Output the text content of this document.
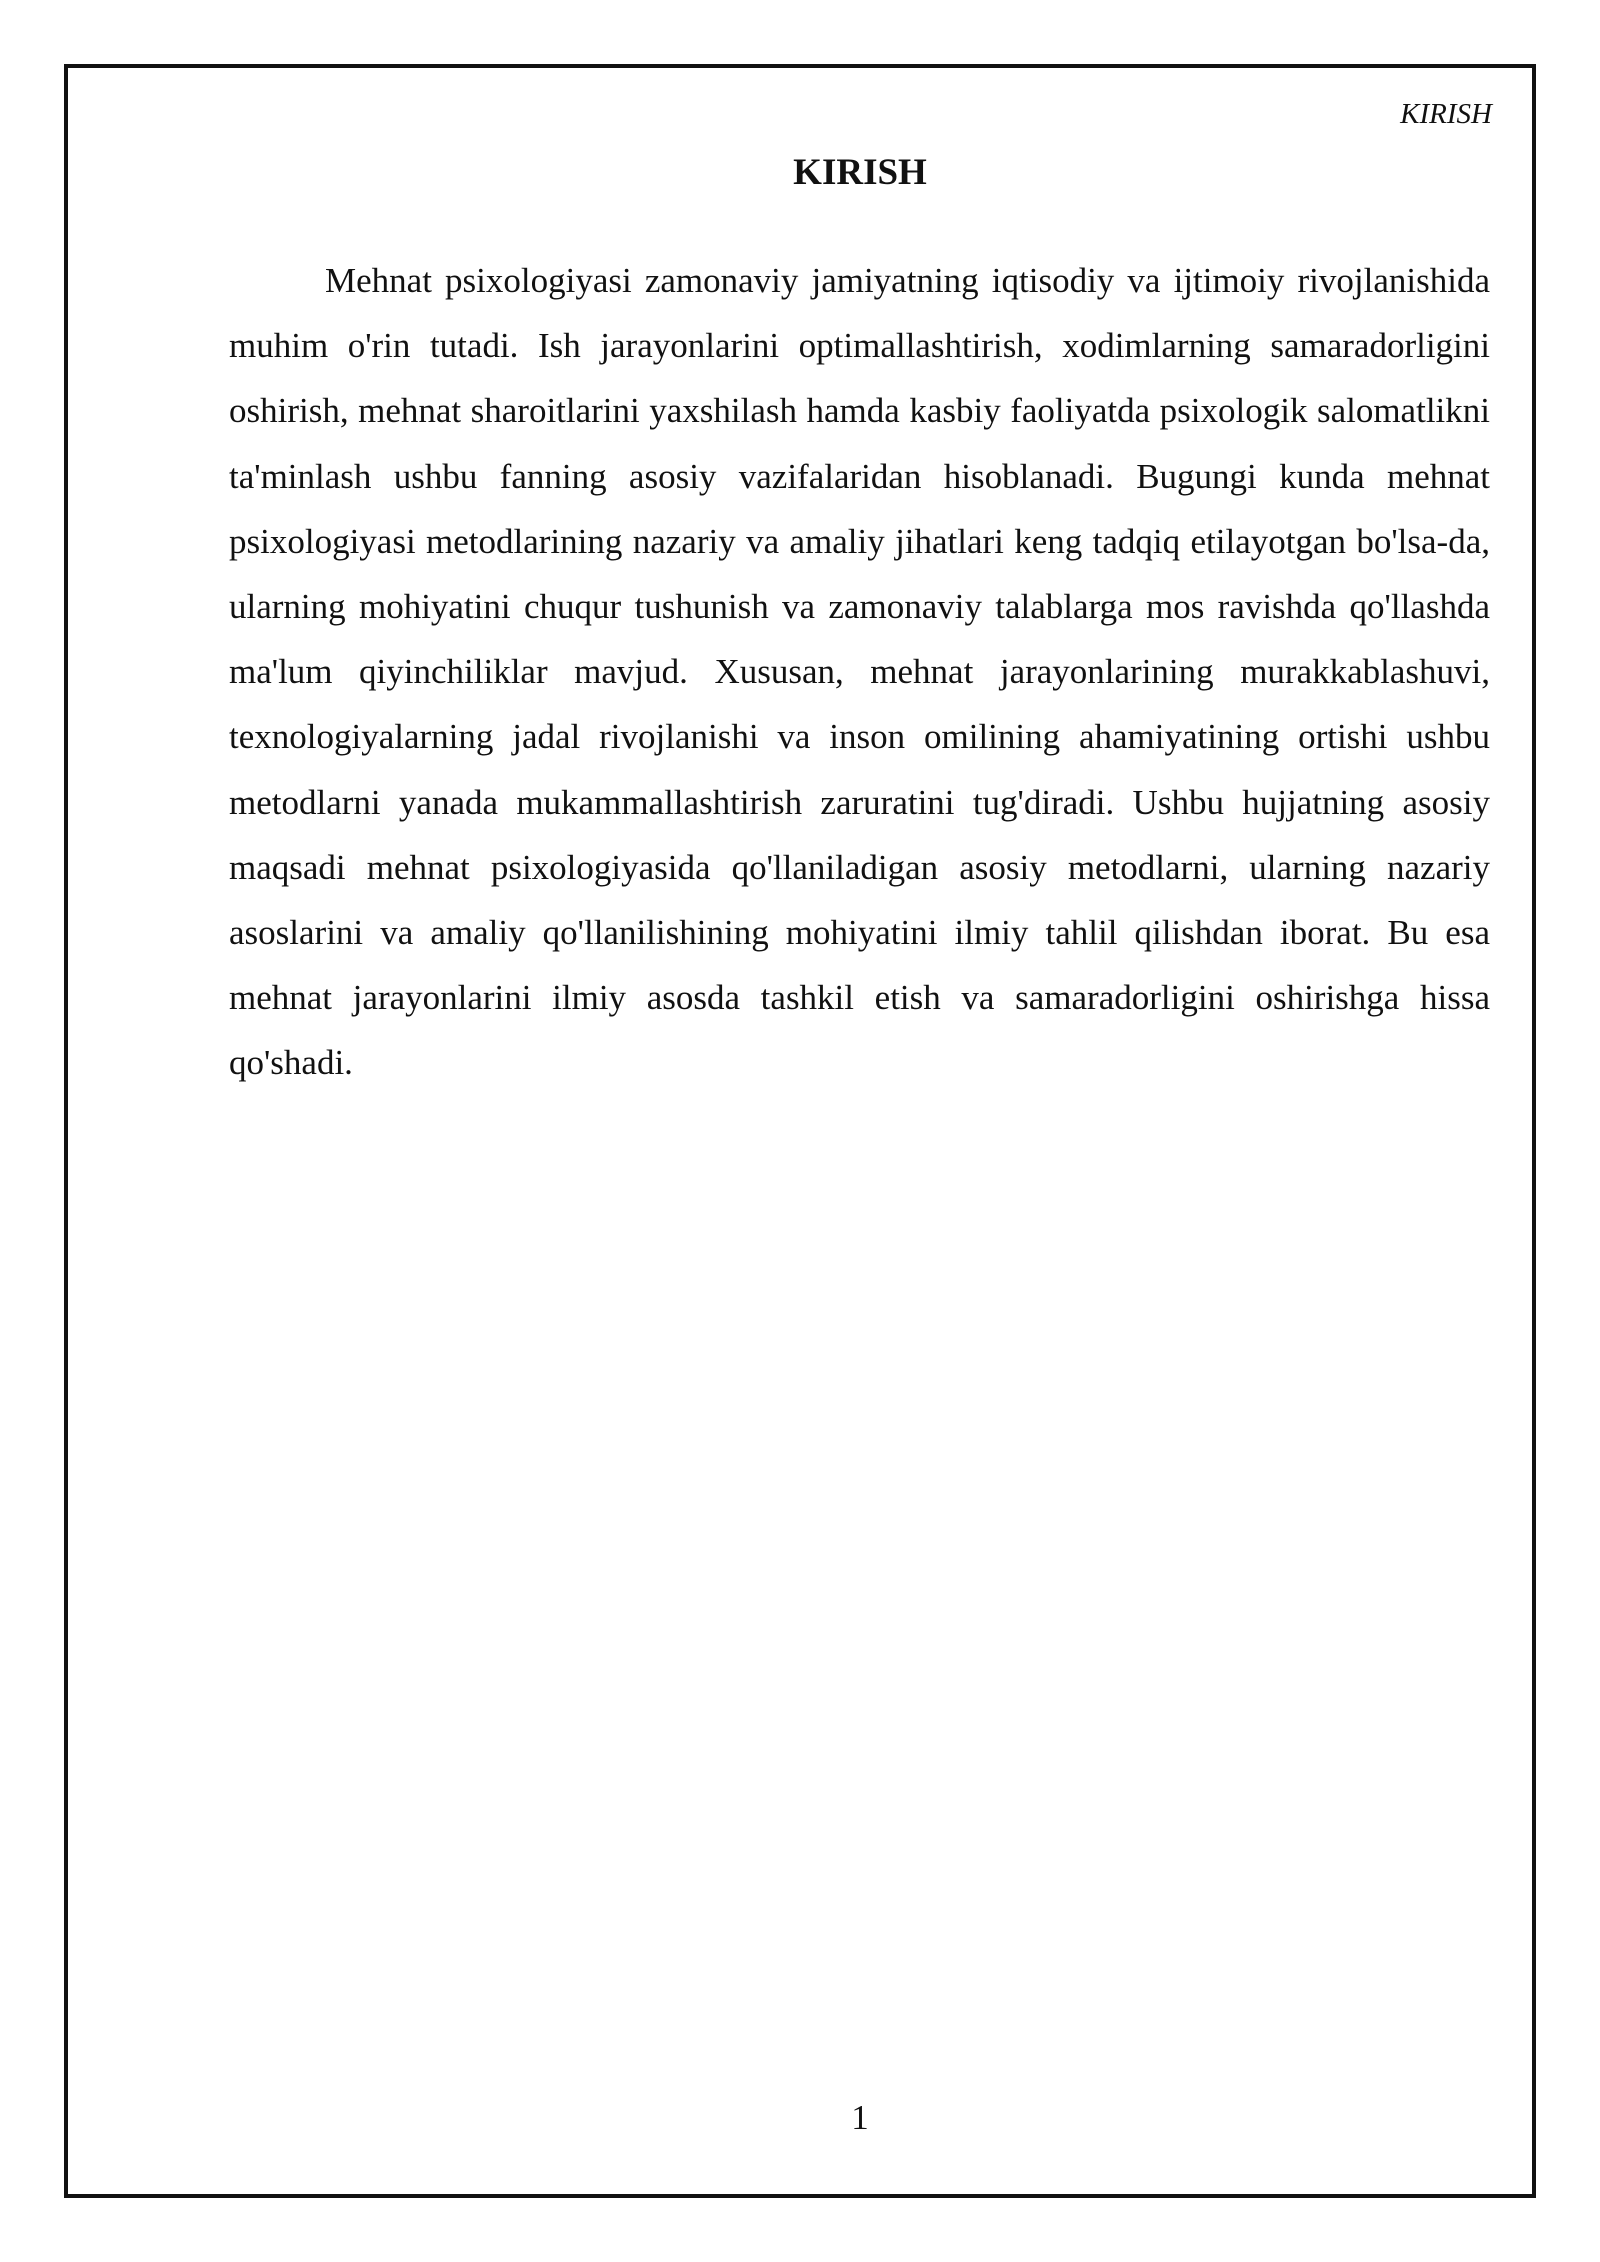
KIRISH
KIRISH

Mehnat psixologiyasi zamonaviy jamiyatning iqtisodiy va ijtimoiy rivojlanishida muhim o'rin tutadi. Ish jarayonlarini optimallashtirish, xodimlarning samaradorligini oshirish, mehnat sharoitlarini yaxshilash hamda kasbiy faoliyatda psixologik salomatlikni ta'minlash ushbu fanning asosiy vazifalaridan hisoblanadi. Bugungi kunda mehnat psixologiyasi metodlarining nazariy va amaliy jihatlari keng tadqiq etilayotgan bo'lsa-da, ularning mohiyatini chuqur tushunish va zamonaviy talablarga mos ravishda qo'llashda ma'lum qiyinchiliklar mavjud. Xususan, mehnat jarayonlarining murakkablashuvi, texnologiyalarning jadal rivojlanishi va inson omilining ahamiyatining ortishi ushbu metodlarni yanada mukammallashtirish zaruratini tug'diradi. Ushbu hujjatning asosiy maqsadi mehnat psixologiyasida qo'llaniladigan asosiy metodlarni, ularning nazariy asoslarini va amaliy qo'llanilishining mohiyatini ilmiy tahlil qilishdan iborat. Bu esa mehnat jarayonlarini ilmiy asosda tashkil etish va samaradorligini oshirishga hissa qo'shadi.

1
